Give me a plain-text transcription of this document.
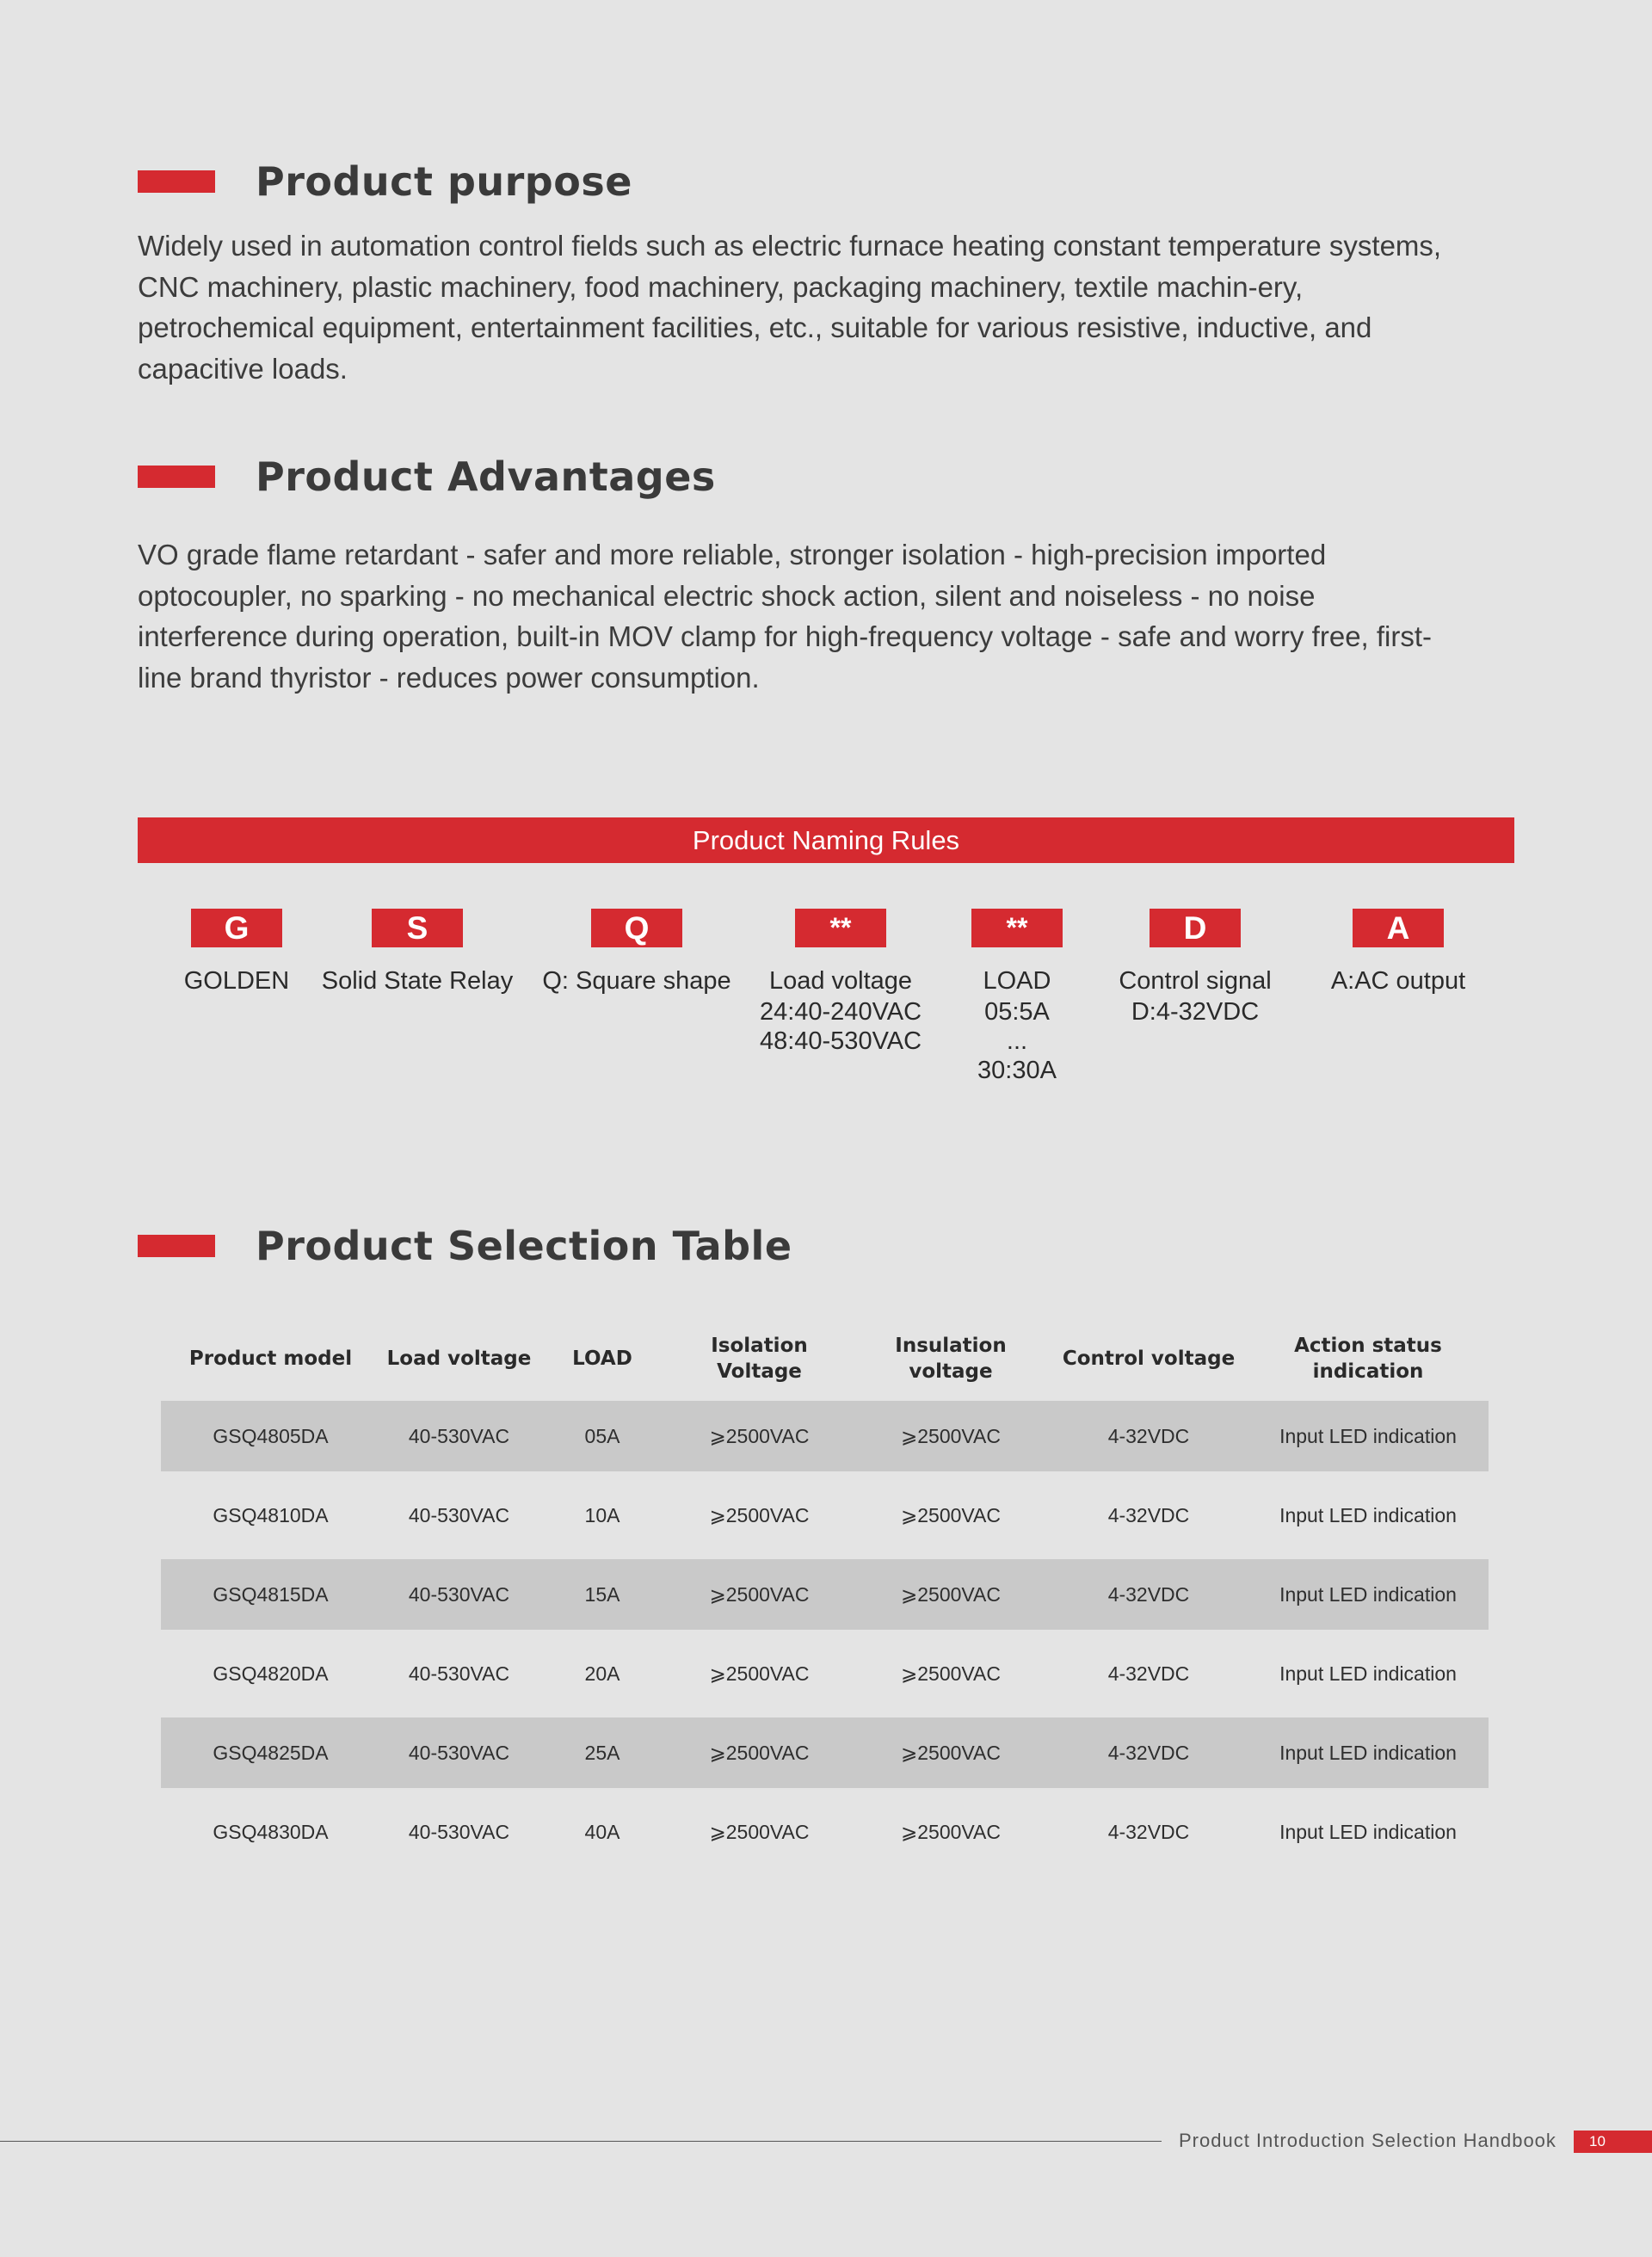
Product purpose
Widely used in automation control fields such as electric furnace heating constant temperature systems, CNC machinery, plastic machinery, food machinery, packaging machinery, textile machin-ery, petrochemical equipment, entertainment facilities, etc., suitable for various resistive, inductive, and capacitive loads.
Product Advantages
VO grade flame retardant - safer and more reliable, stronger isolation - high-precision imported optocoupler, no sparking - no mechanical electric shock action, silent and noiseless - no noise interference during operation, built-in MOV clamp for high-frequency voltage - safe and worry free, first-line brand thyristor - reduces power consumption.
Product Naming Rules
G
GOLDEN
S
Solid State Relay
Q
Q: Square shape
**
Load voltage
24:40-240VAC
48:40-530VAC
**
LOAD
05:5A
...
30:30A
D
Control signal
D:4-32VDC
A
A:AC output
Product Selection Table
Product model	Load voltage	LOAD	Isolation Voltage	Insulation voltage	Control voltage	Action status indication
GSQ4805DA	40-530VAC	05A	⩾2500VAC	⩾2500VAC	4-32VDC	Input LED indication
GSQ4810DA	40-530VAC	10A	⩾2500VAC	⩾2500VAC	4-32VDC	Input LED indication
GSQ4815DA	40-530VAC	15A	⩾2500VAC	⩾2500VAC	4-32VDC	Input LED indication
GSQ4820DA	40-530VAC	20A	⩾2500VAC	⩾2500VAC	4-32VDC	Input LED indication
GSQ4825DA	40-530VAC	25A	⩾2500VAC	⩾2500VAC	4-32VDC	Input LED indication
GSQ4830DA	40-530VAC	40A	⩾2500VAC	⩾2500VAC	4-32VDC	Input LED indication
Product Introduction Selection Handbook	10
